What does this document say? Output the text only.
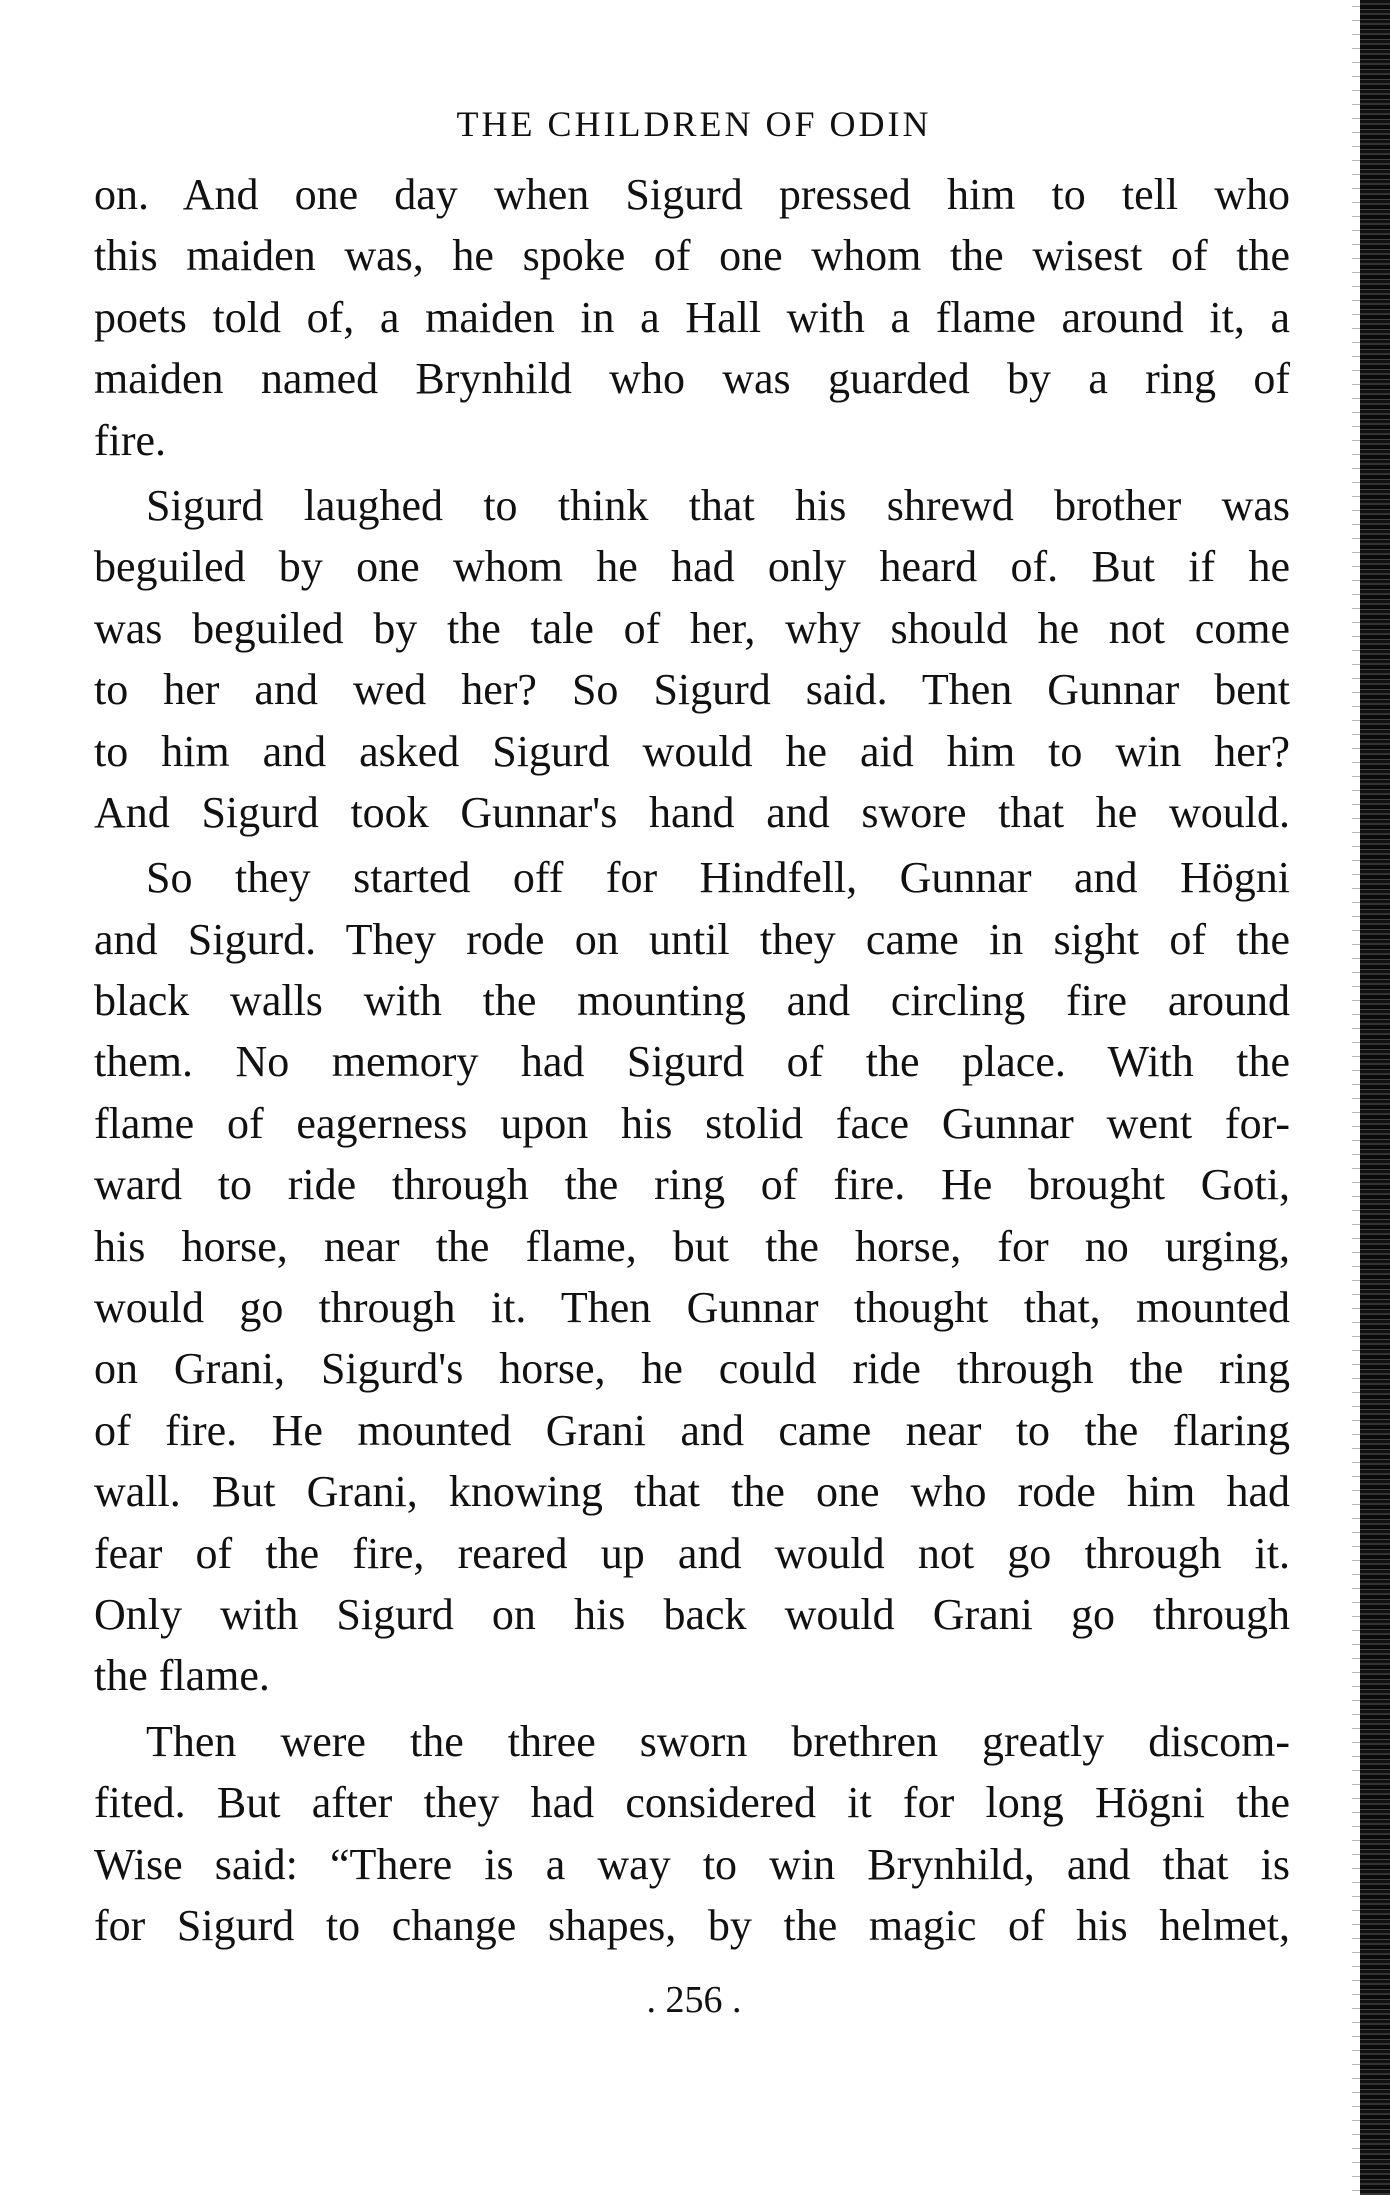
THE CHILDREN OF ODIN
on. And one day when Sigurd pressed him to tell who
this maiden was, he spoke of one whom the wisest of the
poets told of, a maiden in a Hall with a flame around it, a
maiden named Brynhild who was guarded by a ring of
fire.
Sigurd laughed to think that his shrewd brother was
beguiled by one whom he had only heard of. But if he
was beguiled by the tale of her, why should he not come
to her and wed her? So Sigurd said. Then Gunnar bent
to him and asked Sigurd would he aid him to win her?
And Sigurd took Gunnar's hand and swore that he would.
So they started off for Hindfell, Gunnar and Högni
and Sigurd. They rode on until they came in sight of the
black walls with the mounting and circling fire around
them. No memory had Sigurd of the place. With the
flame of eagerness upon his stolid face Gunnar went for-
ward to ride through the ring of fire. He brought Goti,
his horse, near the flame, but the horse, for no urging,
would go through it. Then Gunnar thought that, mounted
on Grani, Sigurd's horse, he could ride through the ring
of fire. He mounted Grani and came near to the flaring
wall. But Grani, knowing that the one who rode him had
fear of the fire, reared up and would not go through it.
Only with Sigurd on his back would Grani go through
the flame.
Then were the three sworn brethren greatly discom-
fited. But after they had considered it for long Högni the
Wise said: “There is a way to win Brynhild, and that is
for Sigurd to change shapes, by the magic of his helmet,
. 256 .
